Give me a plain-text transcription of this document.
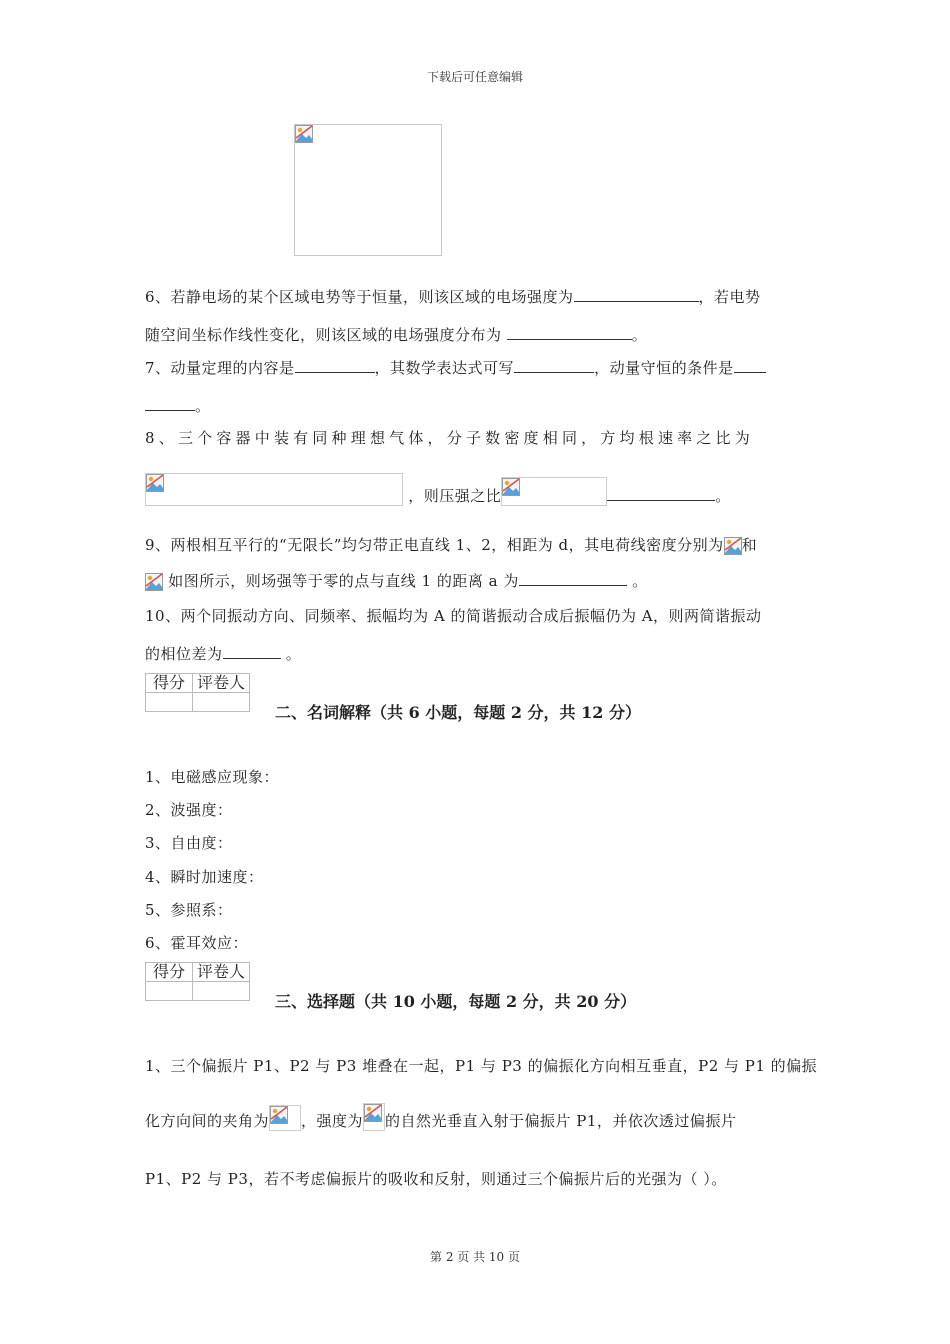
下载后可任意编辑
6、若静电场的某个区域电势等于恒量，则该区域的电场强度为	，若电势
随空间坐标作线性变化，则该区域的电场强度分布为	。
7、动量定理的内容是	，其数学表达式可写	，动量守恒的条件是
。
8、三个容器中装有同种理想气体，分子数密度相同，方均根速率之比为
，则压强之比	。
9、两根相互平行的“无限长”均匀带正电直线 1、2，相距为 d，其电荷线密度分别为 和
如图所示，则场强等于零的点与直线 1 的距离 a 为	。
10、两个同振动方向、同频率、振幅均为 A 的简谐振动合成后振幅仍为 A，则两简谐振动
的相位差为	。
得分	评卷人

二、名词解释（共 6 小题，每题 2 分，共 12 分）
1、电磁感应现象：
2、波强度：
3、自由度：
4、瞬时加速度：
5、参照系：
6、霍耳效应：
得分	评卷人

三、选择题（共 10 小题，每题 2 分，共 20 分）
1、三个偏振片 P1、P2 与 P3 堆叠在一起，P1 与 P3 的偏振化方向相互垂直，P2 与 P1 的偏振
化方向间的夹角为 ，强度为 的自然光垂直入射于偏振片 P1，并依次透过偏振片
P1、P2 与 P3，若不考虑偏振片的吸收和反射，则通过三个偏振片后的光强为（ ）。
第 2 页 共 10 页
